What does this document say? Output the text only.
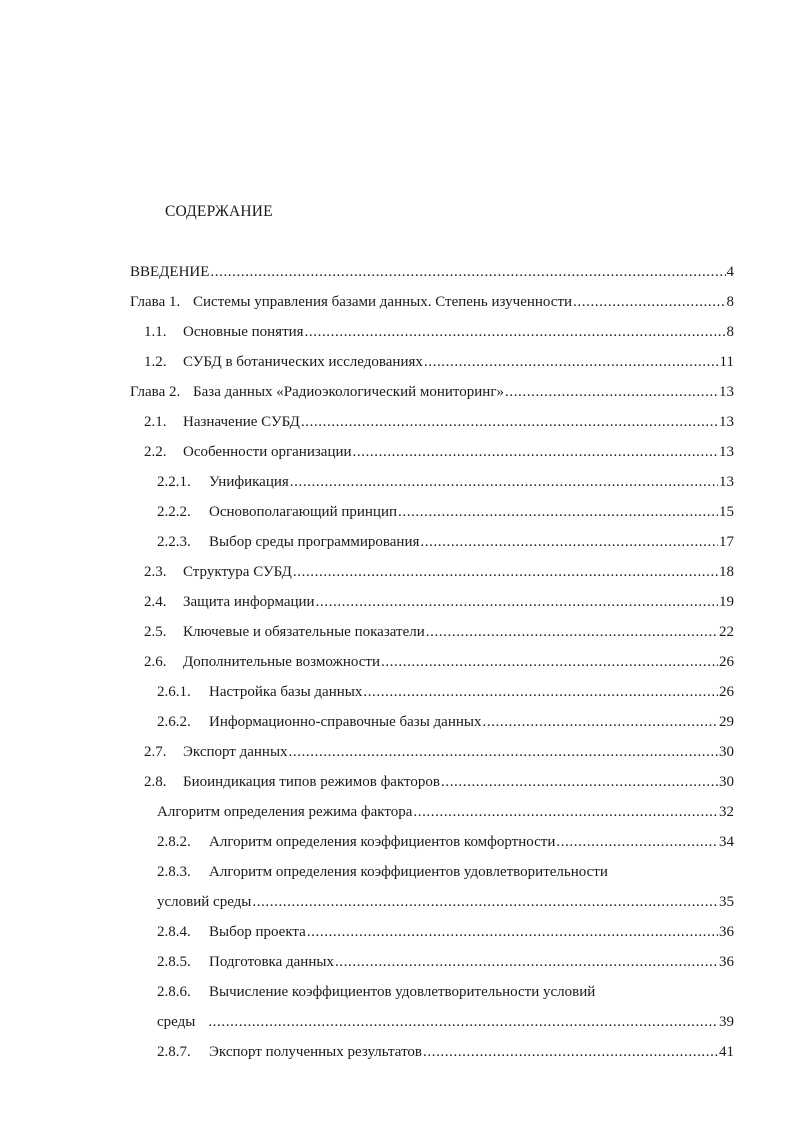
СОДЕРЖАНИЕ
ВВЕДЕНИЕ .....	4
Глава 1. Системы управления базами данных. Степень изученности .....	8
1.1.	Основные понятия .....	8
1.2.	СУБД в ботанических исследованиях .....	11
Глава 2. База данных «Радиоэкологический мониторинг» .....	13
2.1.	Назначение СУБД .....	13
2.2.	Особенности организации .....	13
2.2.1.	Унификация .....	13
2.2.2.	Основополагающий принцип .....	15
2.2.3.	Выбор среды программирования .....	17
2.3.	Структура СУБД .....	18
2.4.	Защита информации .....	19
2.5.	Ключевые и обязательные показатели .....	22
2.6.	Дополнительные возможности .....	26
2.6.1.	Настройка базы данных .....	26
2.6.2.	Информационно-справочные базы данных .....	29
2.7.	Экспорт данных .....	30
2.8.	Биоиндикация типов режимов факторов .....	30
Алгоритм определения режима фактора .....	32
2.8.2.	Алгоритм определения коэффициентов комфортности .....	34
2.8.3.	Алгоритм определения коэффициентов удовлетворительности
условий среды .....	35
2.8.4.	Выбор проекта .....	36
2.8.5.	Подготовка данных .....	36
2.8.6.	Вычисление коэффициентов удовлетворительности условий
среды .....	39
2.8.7.	Экспорт полученных результатов .....	41
